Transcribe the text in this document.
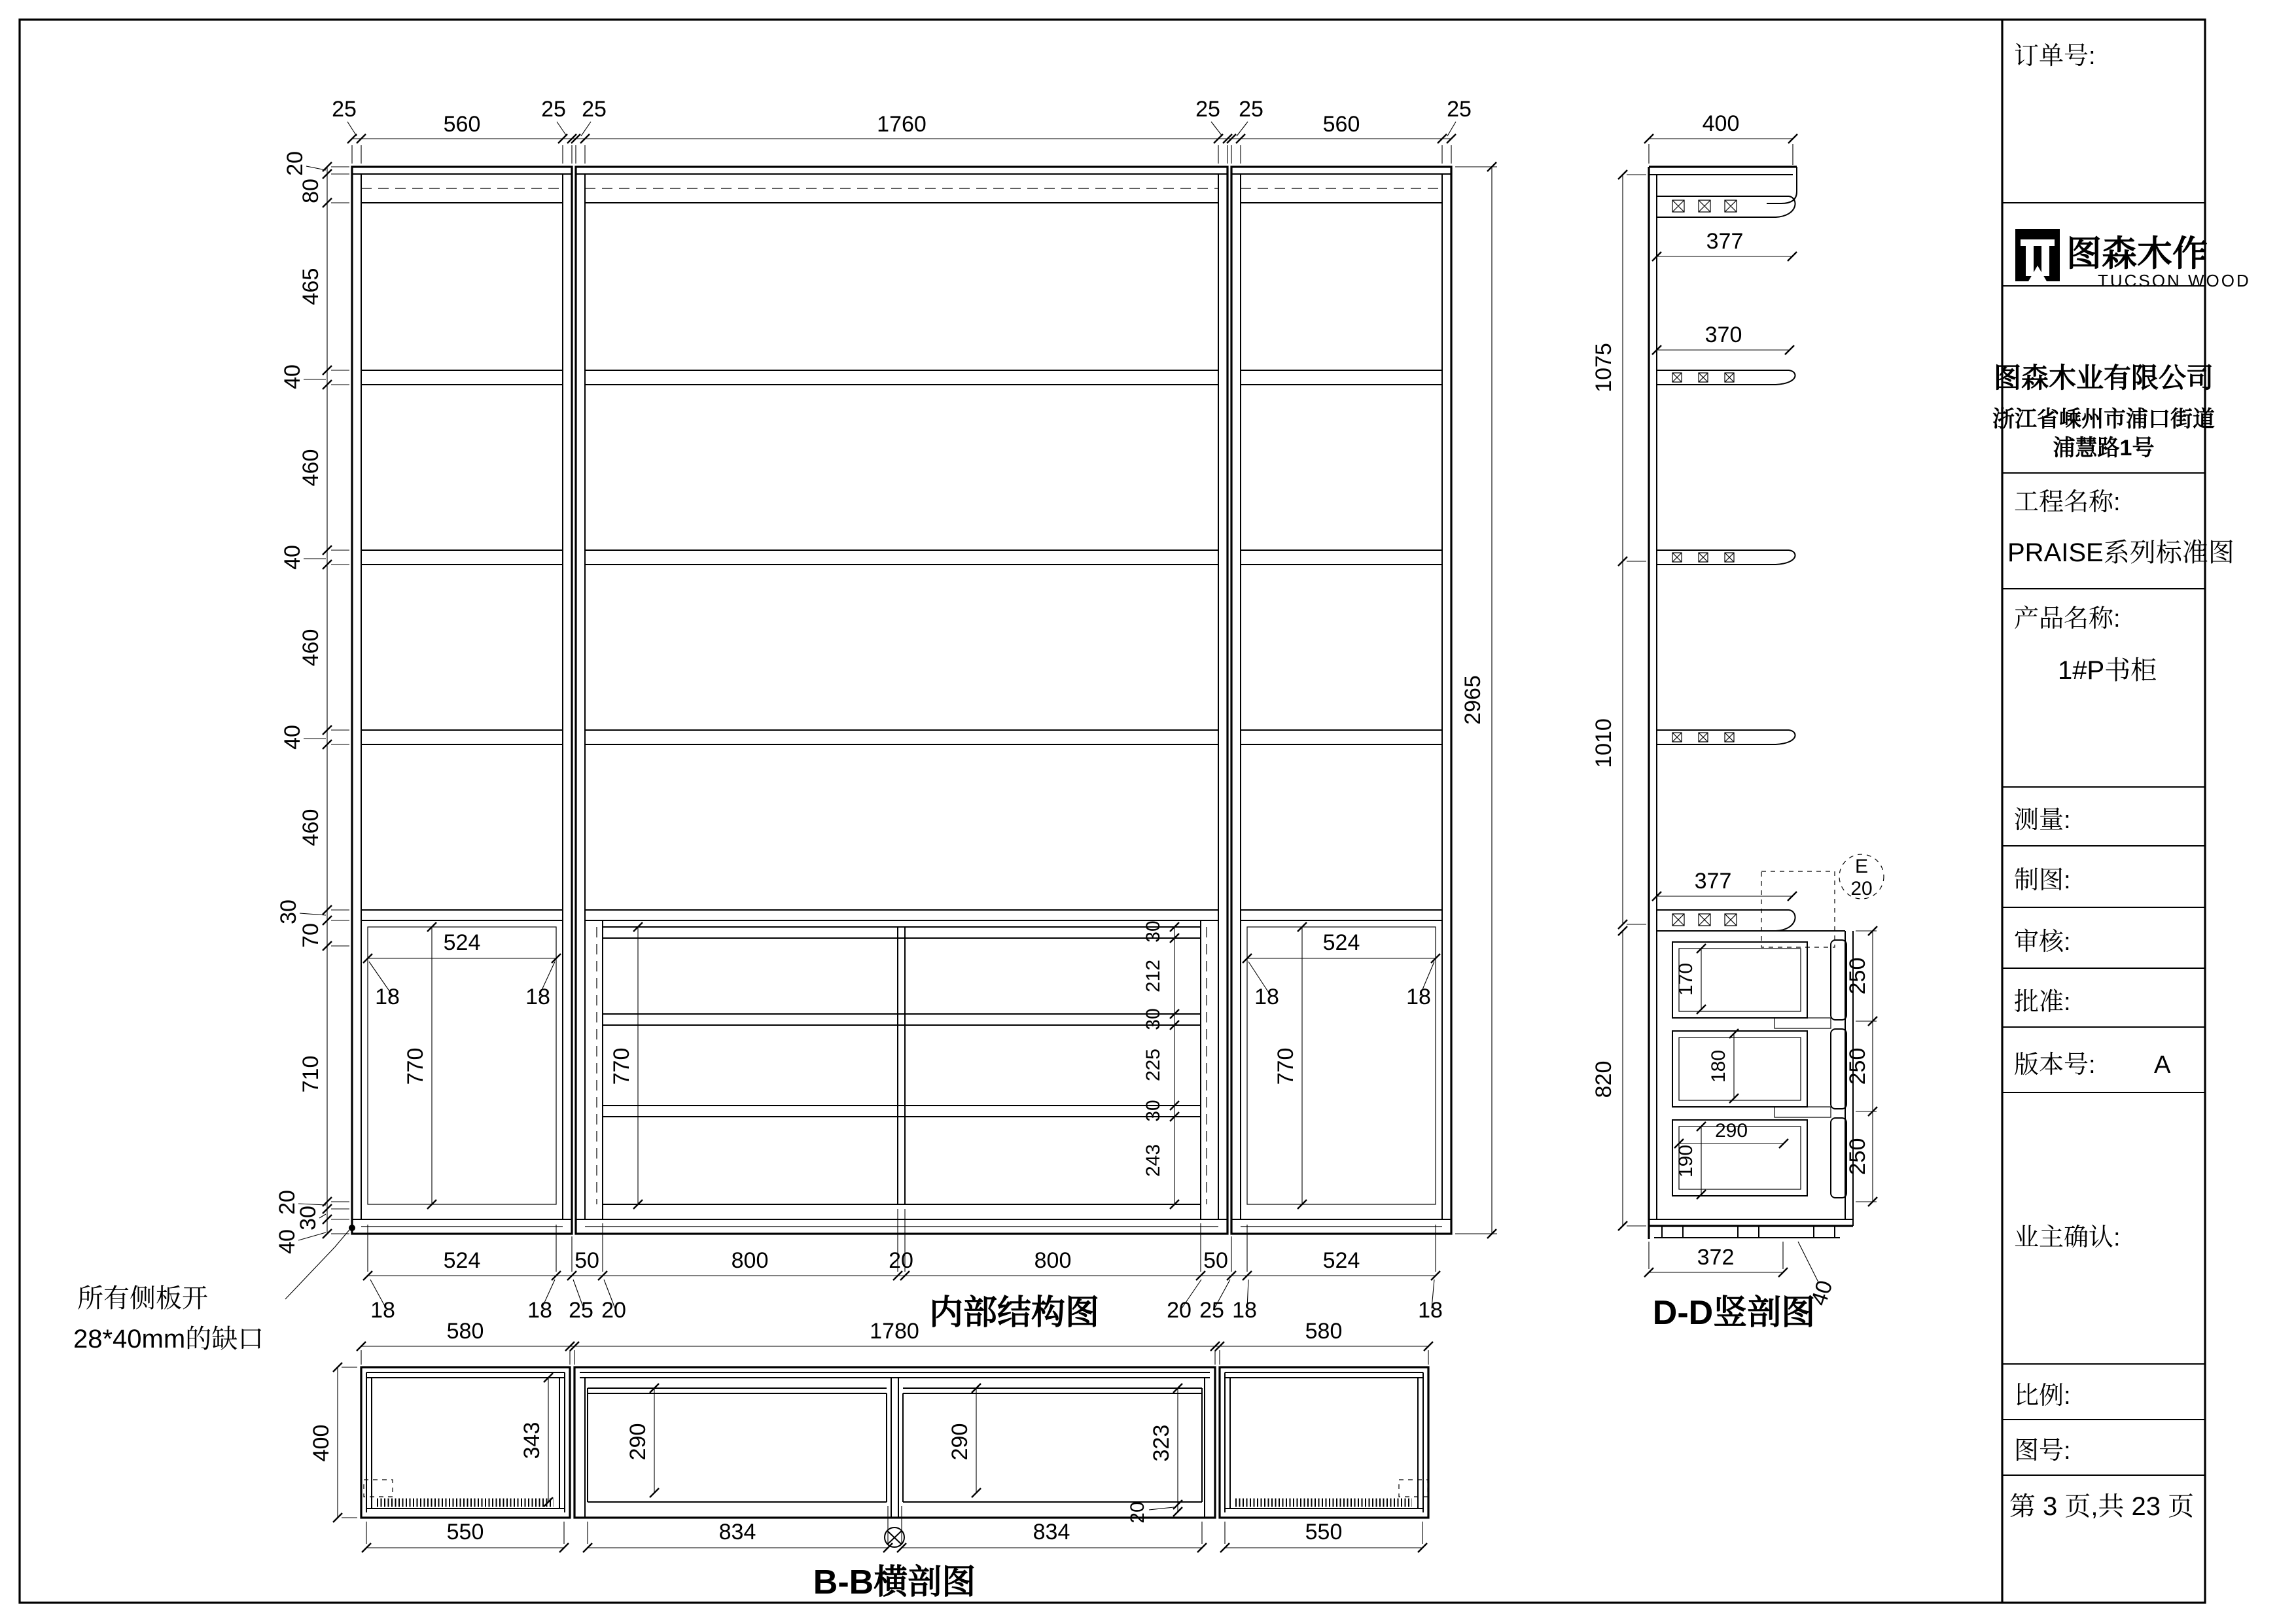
订单号:
图森木作
TUCSON WOOD
图森木业有限公司
浙江省嵊州市浦口街道
浦慧路1号
工程名称:
PRAISE系列标准图
产品名称:
1#P书柜
测量:
制图:
审核:
批准:
版本号: A
业主确认:
比例:
图号:
第 3 页,共 23 页
25
560
25 25
1760
25 25
560
25
20
80
465
40
460
40
460
40
460
30
70
710
20
30
40
2965
524	524
770	770
770
18	18	18	18
30
212
30
225
30
243
524	50	800	20	800	50	524
18	18 25 20	20 25 18	18
580	1780	580
内部结构图
所有侧板开
28*40mm的缺口
E
20
400
377
370
1075
1010
377
820
250
250
250
170
180
290
190
372
40
D-D竖剖图
400	343	290	290	323
20
550	834	834	550
B-B横剖图
